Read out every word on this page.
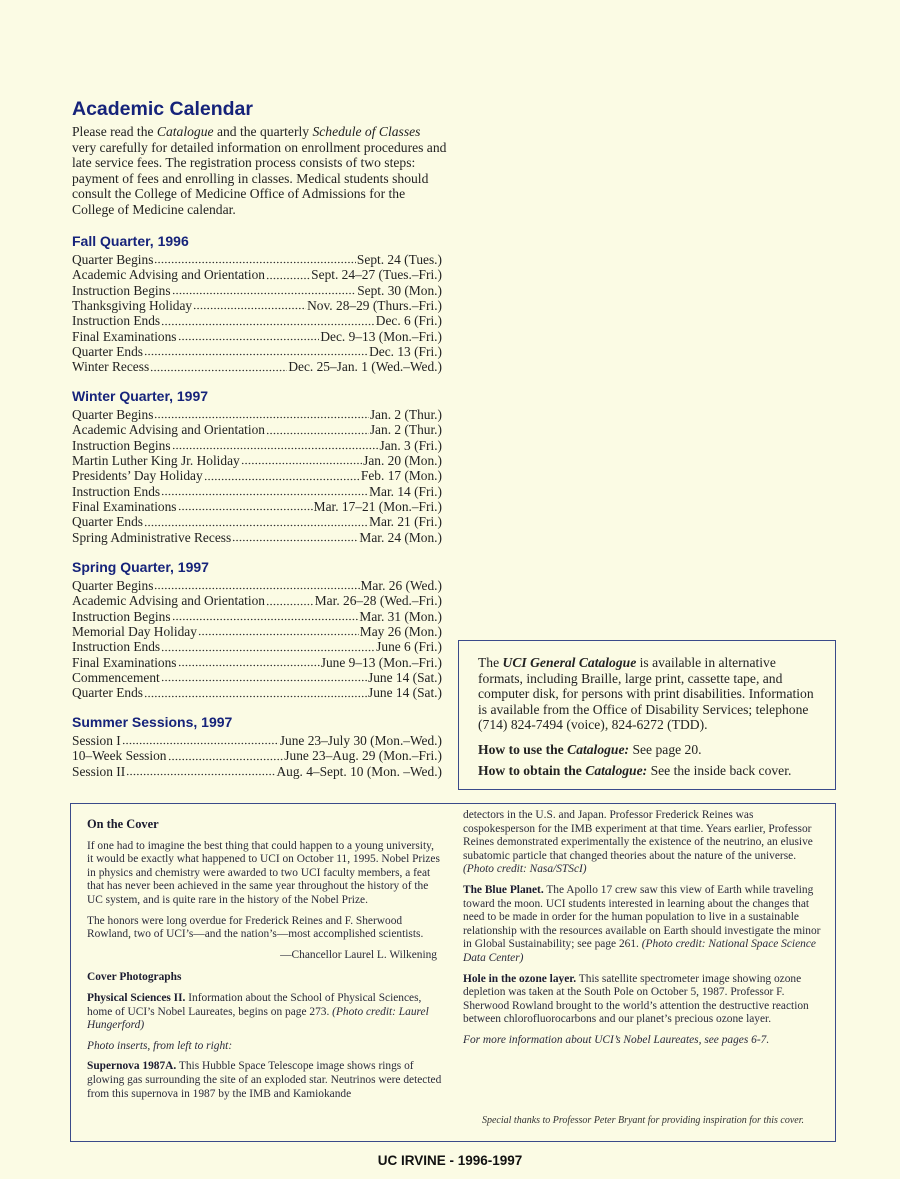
Academic Calendar
Please read the Catalogue and the quarterly Schedule of Classes very carefully for detailed information on enrollment procedures and late service fees. The registration process consists of two steps: payment of fees and enrolling in classes. Medical students should consult the College of Medicine Office of Admissions for the College of Medicine calendar.
Fall Quarter, 1996
Quarter Begins	Sept. 24 (Tues.)
Academic Advising and Orientation	Sept. 24–27 (Tues.–Fri.)
Instruction Begins	Sept. 30 (Mon.)
Thanksgiving Holiday	Nov. 28–29 (Thurs.–Fri.)
Instruction Ends	Dec. 6 (Fri.)
Final Examinations	Dec. 9–13 (Mon.–Fri.)
Quarter Ends	Dec. 13 (Fri.)
Winter Recess	Dec. 25–Jan. 1 (Wed.–Wed.)
Winter Quarter, 1997
Quarter Begins	Jan. 2 (Thur.)
Academic Advising and Orientation	Jan. 2 (Thur.)
Instruction Begins	Jan. 3 (Fri.)
Martin Luther King Jr. Holiday	Jan. 20 (Mon.)
Presidents’ Day Holiday	Feb. 17 (Mon.)
Instruction Ends	Mar. 14 (Fri.)
Final Examinations	Mar. 17–21 (Mon.–Fri.)
Quarter Ends	Mar. 21 (Fri.)
Spring Administrative Recess	Mar. 24 (Mon.)
Spring Quarter, 1997
Quarter Begins	Mar. 26 (Wed.)
Academic Advising and Orientation	Mar. 26–28 (Wed.–Fri.)
Instruction Begins	Mar. 31 (Mon.)
Memorial Day Holiday	May 26 (Mon.)
Instruction Ends	June 6 (Fri.)
Final Examinations	June 9–13 (Mon.–Fri.)
Commencement	June 14 (Sat.)
Quarter Ends	June 14 (Sat.)
Summer Sessions, 1997
Session I	June 23–July 30 (Mon.–Wed.)
10–Week Session	June 23–Aug. 29 (Mon.–Fri.)
Session II	Aug. 4–Sept. 10 (Mon. –Wed.)
The UCI General Catalogue is available in alternative formats, including Braille, large print, cassette tape, and computer disk, for persons with print disabilities. Information is available from the Office of Disability Services; telephone (714) 824-7494 (voice), 824-6272 (TDD).
How to use the Catalogue: See page 20.
How to obtain the Catalogue: See the inside back cover.
On the Cover

If one had to imagine the best thing that could happen to a young university, it would be exactly what happened to UCI on October 11, 1995. Nobel Prizes in physics and chemistry were awarded to two UCI faculty members, a feat that has never been achieved in the same year throughout the history of the UC system, and is quite rare in the history of the Nobel Prize.

The honors were long overdue for Frederick Reines and F. Sherwood Rowland, two of UCI’s—and the nation’s—most accomplished scientists.

—Chancellor Laurel L. Wilkening

Cover Photographs

Physical Sciences II. Information about the School of Physical Sciences, home of UCI’s Nobel Laureates, begins on page 273. (Photo credit: Laurel Hungerford)

Photo inserts, from left to right:

Supernova 1987A. This Hubble Space Telescope image shows rings of glowing gas surrounding the site of an exploded star. Neutrinos were detected from this supernova in 1987 by the IMB and Kamiokande

detectors in the U.S. and Japan. Professor Frederick Reines was cospokesperson for the IMB experiment at that time. Years earlier, Professor Reines demonstrated experimentally the existence of the neutrino, an elusive subatomic particle that changed theories about the nature of the universe. (Photo credit: Nasa/STScI)

The Blue Planet. The Apollo 17 crew saw this view of Earth while traveling toward the moon. UCI students interested in learning about the changes that need to be made in order for the human population to live in a sustainable relationship with the resources available on Earth should investigate the minor in Global Sustainability; see page 261. (Photo credit: National Space Science Data Center)

Hole in the ozone layer. This satellite spectrometer image showing ozone depletion was taken at the South Pole on October 5, 1987. Professor F. Sherwood Rowland brought to the world’s attention the destructive reaction between chlorofluorocarbons and our planet’s precious ozone layer.

For more information about UCI’s Nobel Laureates, see pages 6-7.

Special thanks to Professor Peter Bryant for providing inspiration for this cover.
UC IRVINE - 1996-1997
